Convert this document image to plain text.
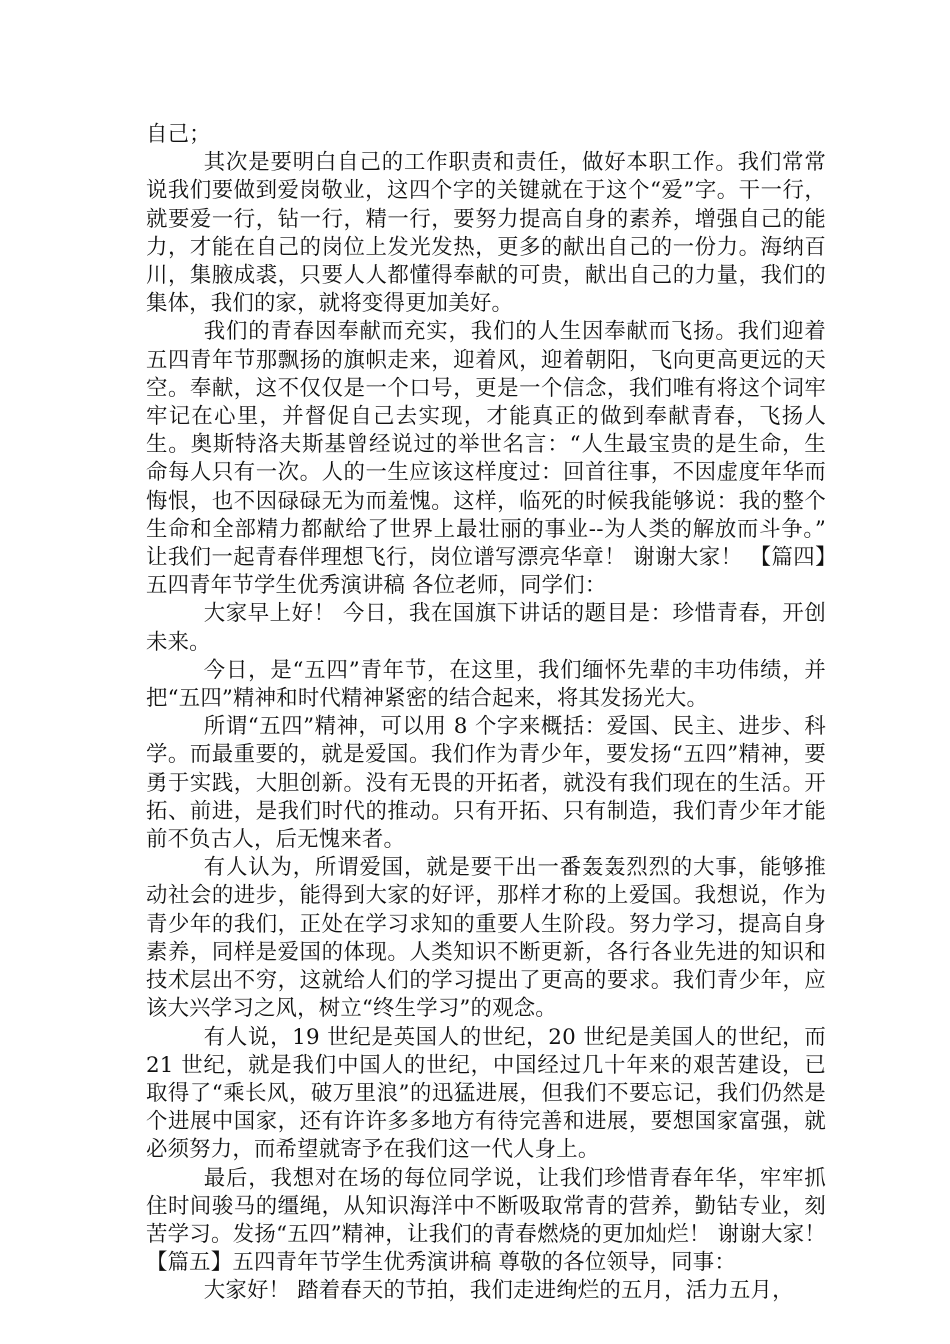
自己；

其次是要明白自己的工作职责和责任，做好本职工作。我们常常说我们要做到爱岗敬业，这四个字的关键就在于这个“爱”字。干一行，就要爱一行，钻一行，精一行，要努力提高自身的素养，增强自己的能力，才能在自己的岗位上发光发热，更多的献出自己的一份力。海纳百川，集腋成裘，只要人人都懂得奉献的可贵，献出自己的力量，我们的集体，我们的家，就将变得更加美好。

我们的青春因奉献而充实，我们的人生因奉献而飞扬。我们迎着五四青年节那飘扬的旗帜走来，迎着风，迎着朝阳，飞向更高更远的天空。奉献，这不仅仅是一个口号，更是一个信念，我们唯有将这个词牢牢记在心里，并督促自己去实现，才能真正的做到奉献青春，飞扬人生。奥斯特洛夫斯基曾经说过的举世名言：“人生最宝贵的是生命，生命每人只有一次。人的一生应该这样度过：回首往事，不因虚度年华而悔恨，也不因碌碌无为而羞愧。这样，临死的时候我能够说：我的整个生命和全部精力都献给了世界上最壮丽的事业--为人类的解放而斗争。” 让我们一起青春伴理想飞行，岗位谱写漂亮华章！ 谢谢大家！ 【篇四】五四青年节学生优秀演讲稿 各位老师，同学们：

大家早上好！ 今日，我在国旗下讲话的题目是：珍惜青春，开创未来。

今日，是“五四”青年节，在这里，我们缅怀先辈的丰功伟绩，并把“五四”精神和时代精神紧密的结合起来，将其发扬光大。

所谓“五四”精神，可以用 8 个字来概括：爱国、民主、进步、科学。而最重要的，就是爱国。我们作为青少年，要发扬“五四”精神，要勇于实践，大胆创新。没有无畏的开拓者，就没有我们现在的生活。开拓、前进，是我们时代的推动。只有开拓、只有制造，我们青少年才能前不负古人，后无愧来者。

有人认为，所谓爱国，就是要干出一番轰轰烈烈的大事，能够推动社会的进步，能得到大家的好评，那样才称的上爱国。我想说，作为青少年的我们，正处在学习求知的重要人生阶段。努力学习，提高自身素养，同样是爱国的体现。人类知识不断更新，各行各业先进的知识和技术层出不穷，这就给人们的学习提出了更高的要求。我们青少年，应该大兴学习之风，树立“终生学习”的观念。

有人说，19 世纪是英国人的世纪，20 世纪是美国人的世纪，而 21 世纪，就是我们中国人的世纪，中国经过几十年来的艰苦建设，已取得了“乘长风，破万里浪”的迅猛进展，但我们不要忘记，我们仍然是个进展中国家，还有许许多多地方有待完善和进展，要想国家富强，就必须努力，而希望就寄予在我们这一代人身上。

最后，我想对在场的每位同学说，让我们珍惜青春年华，牢牢抓住时间骏马的缰绳，从知识海洋中不断吸取常青的营养，勤钻专业，刻苦学习。发扬“五四”精神，让我们的青春燃烧的更加灿烂！ 谢谢大家！ 【篇五】五四青年节学生优秀演讲稿 尊敬的各位领导，同事：

大家好！ 踏着春天的节拍，我们走进绚烂的五月，活力五月，
